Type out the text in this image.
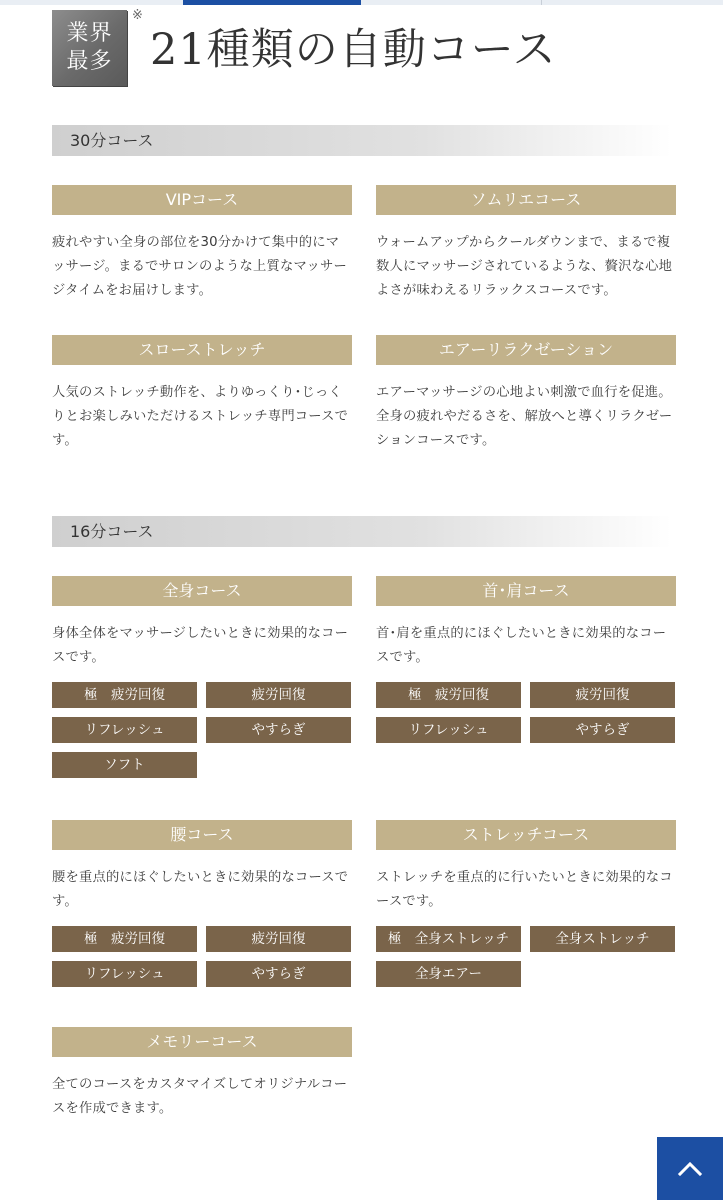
業界
最多
※
21種類の自動コース
30分コース
VIPコース
疲れやすい全身の部位を30分かけて集中的にマッサージ。まるでサロンのような上質なマッサージタイムをお届けします。
ソムリエコース
ウォームアップからクールダウンまで、まるで複数人にマッサージされているような、贅沢な心地よさが味わえるリラックスコースです。
スローストレッチ
人気のストレッチ動作を、よりゆっくり･じっくりとお楽しみいただけるストレッチ専門コースです。
エアーリラクゼーション
エアーマッサージの心地よい刺激で血行を促進。全身の疲れやだるさを、解放へと導くリラクゼーションコースです。
16分コース
全身コース
身体全体をマッサージしたいときに効果的なコースです。
極　疲労回復	疲労回復
リフレッシュ	やすらぎ
ソフト
首･肩コース
首･肩を重点的にほぐしたいときに効果的なコースです。
極　疲労回復	疲労回復
リフレッシュ	やすらぎ
腰コース
腰を重点的にほぐしたいときに効果的なコースです。
極　疲労回復	疲労回復
リフレッシュ	やすらぎ
ストレッチコース
ストレッチを重点的に行いたいときに効果的なコースです。
極　全身ストレッチ	全身ストレッチ
全身エアー
メモリーコース
全てのコースをカスタマイズしてオリジナルコースを作成できます。
